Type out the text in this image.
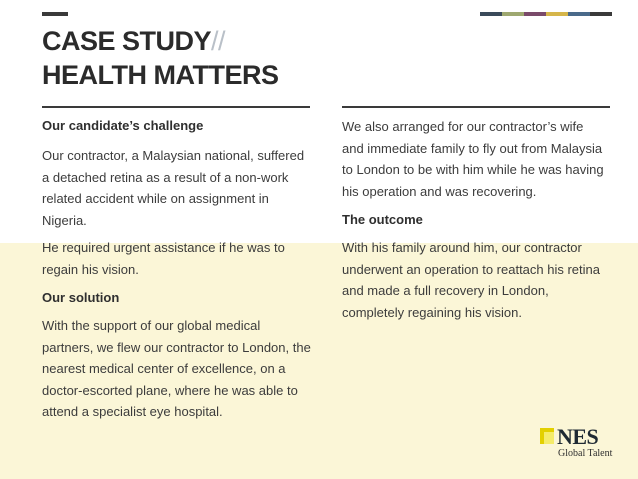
CASE STUDY//
HEALTH MATTERS

Our candidate’s challenge

Our contractor, a Malaysian national, suffered a detached retina as a result of a non-work related accident while on assignment in Nigeria.

He required urgent assistance if he was to regain his vision.

Our solution

With the support of our global medical partners, we flew our contractor to London, the nearest medical center of excellence, on a doctor-escorted plane, where he was able to attend a specialist eye hospital.

We also arranged for our contractor’s wife and immediate family to fly out from Malaysia to London to be with him while he was having his operation and was recovering.

The outcome

With his family around him, our contractor underwent an operation to reattach his retina and made a full recovery in London, completely regaining his vision.

NES
Global Talent
